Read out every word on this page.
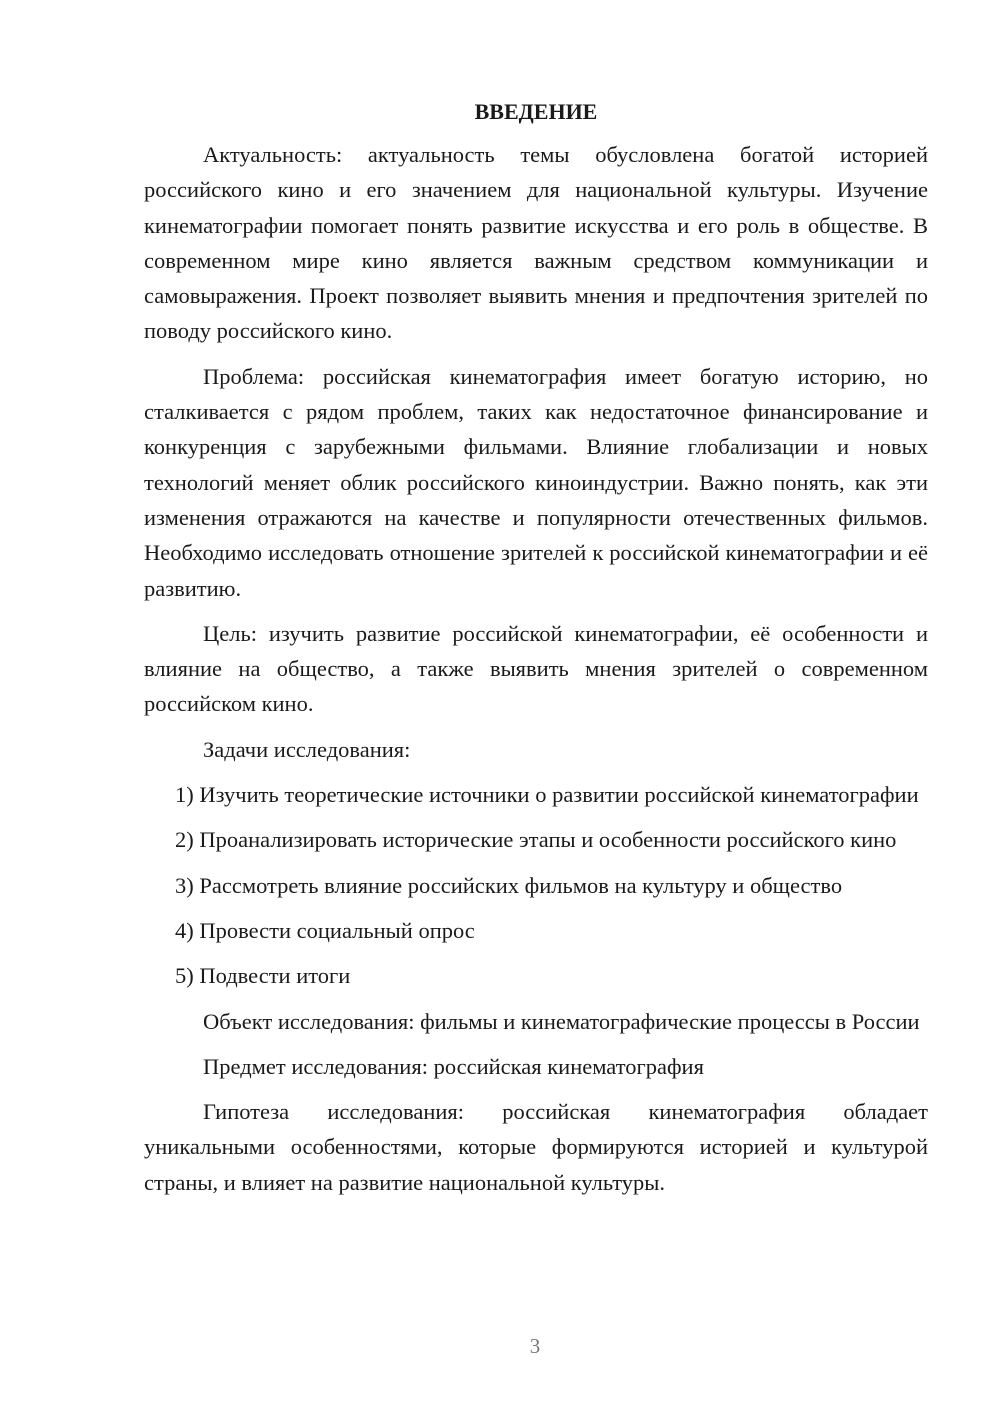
ВВЕДЕНИЕ

Актуальность: актуальность темы обусловлена богатой историей российского кино и его значением для национальной культуры. Изучение кинематографии помогает понять развитие искусства и его роль в обществе. В современном мире кино является важным средством коммуникации и самовыражения. Проект позволяет выявить мнения и предпочтения зрителей по поводу российского кино.

Проблема: российская кинематография имеет богатую историю, но сталкивается с рядом проблем, таких как недостаточное финансирование и конкуренция с зарубежными фильмами. Влияние глобализации и новых технологий меняет облик российского киноиндустрии. Важно понять, как эти изменения отражаются на качестве и популярности отечественных фильмов. Необходимо исследовать отношение зрителей к российской кинематографии и её развитию.

Цель: изучить развитие российской кинематографии, её особенности и влияние на общество, а также выявить мнения зрителей о современном российском кино.

Задачи исследования:

1) Изучить теоретические источники о развитии российской кинематографии

2) Проанализировать исторические этапы и особенности российского кино

3) Рассмотреть влияние российских фильмов на культуру и общество

4) Провести социальный опрос

5) Подвести итоги

Объект исследования: фильмы и кинематографические процессы в России

Предмет исследования: российская кинематография

Гипотеза исследования: российская кинематография обладает уникальными особенностями, которые формируются историей и культурой страны, и влияет на развитие национальной культуры.

3
